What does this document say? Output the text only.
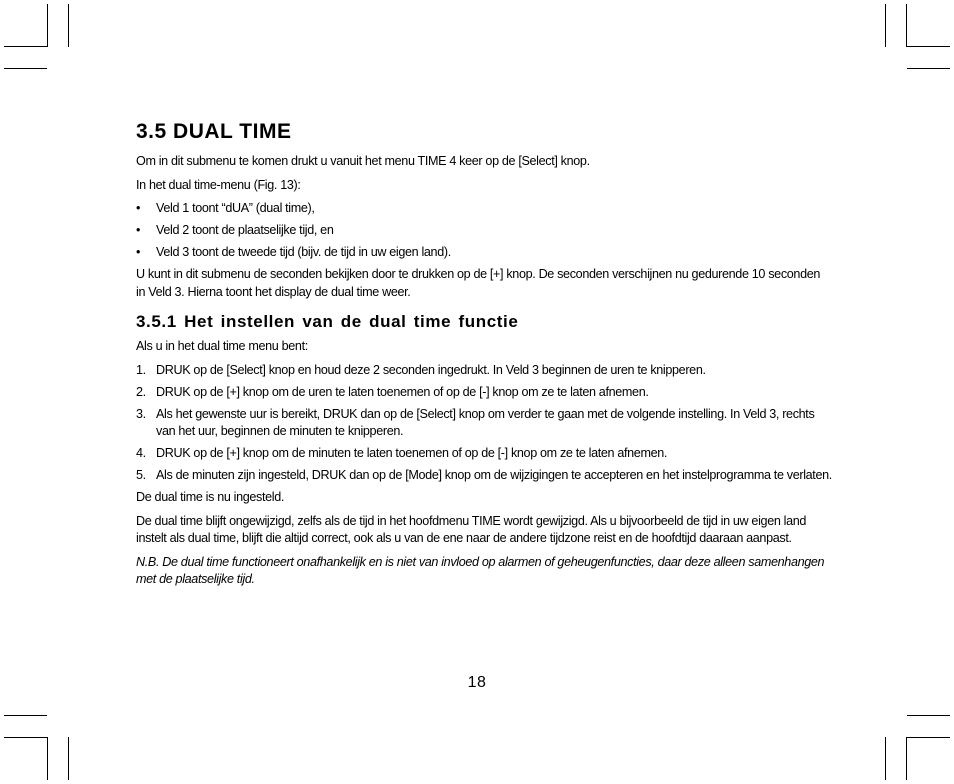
3.5 DUAL TIME

Om in dit submenu te komen drukt u vanuit het menu TIME 4 keer op de [Select] knop.

In het dual time-menu (Fig. 13):

• Veld 1 toont “dUA” (dual time),
• Veld 2 toont de plaatselijke tijd, en
• Veld 3 toont de tweede tijd (bijv. de tijd in uw eigen land).

U kunt in dit submenu de seconden bekijken door te drukken op de [+] knop. De seconden verschijnen nu gedurende 10 seconden in Veld 3. Hierna toont het display de dual time weer.

3.5.1 Het instellen van de dual time functie

Als u in het dual time menu bent:

1. DRUK op de [Select] knop en houd deze 2 seconden ingedrukt. In Veld 3 beginnen de uren te knipperen.
2. DRUK op de [+] knop om de uren te laten toenemen of op de [-] knop om ze te laten afnemen.
3. Als het gewenste uur is bereikt, DRUK dan op de [Select] knop om verder te gaan met de volgende instelling. In Veld 3, rechts van het uur, beginnen de minuten te knipperen.
4. DRUK op de [+] knop om de minuten te laten toenemen of op de [-] knop om ze te laten afnemen.
5. Als de minuten zijn ingesteld, DRUK dan op de [Mode] knop om de wijzigingen te accepteren en het instelprogramma te verlaten.

De dual time is nu ingesteld.

De dual time blijft ongewijzigd, zelfs als de tijd in het hoofdmenu TIME wordt gewijzigd. Als u bijvoorbeeld de tijd in uw eigen land instelt als dual time, blijft die altijd correct, ook als u van de ene naar de andere tijdzone reist en de hoofdtijd daaraan aanpast.

N.B. De dual time functioneert onafhankelijk en is niet van invloed op alarmen of geheugenfuncties, daar deze alleen samenhangen met de plaatselijke tijd.

18
